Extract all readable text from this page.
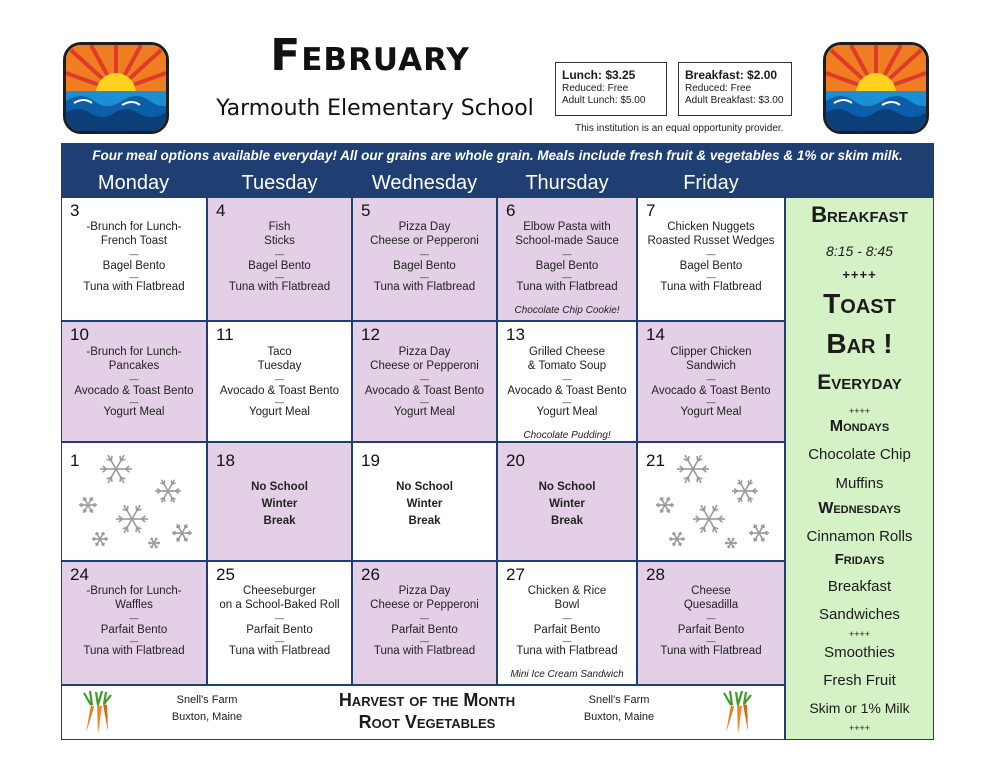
February
Yarmouth Elementary School
Lunch: $3.25
Reduced: Free
Adult Lunch: $5.00
Breakfast: $2.00
Reduced: Free
Adult Breakfast: $3.00
This institution is an equal opportunity provider.
Four meal options available everyday! All our grains are whole grain. Meals include fresh fruit & vegetables & 1% or skim milk.
Monday	Tuesday	Wednesday	Thursday	Friday
3
-Brunch for Lunch-
French Toast
—
Bagel Bento
—
Tuna with Flatbread
4
Fish
Sticks
—
Bagel Bento
—
Tuna with Flatbread
5
Pizza Day
Cheese or Pepperoni
—
Bagel Bento
—
Tuna with Flatbread
6
Elbow Pasta with
School-made Sauce
—
Bagel Bento
—
Tuna with Flatbread
Chocolate Chip Cookie!
7
Chicken Nuggets
Roasted Russet Wedges
—
Bagel Bento
—
Tuna with Flatbread
10
-Brunch for Lunch-
Pancakes
—
Avocado & Toast Bento
—
Yogurt Meal
11
Taco
Tuesday
—
Avocado & Toast Bento
—
Yogurt Meal
12
Pizza Day
Cheese or Pepperoni
—
Avocado & Toast Bento
—
Yogurt Meal
13
Grilled Cheese
& Tomato Soup
—
Avocado & Toast Bento
—
Yogurt Meal
Chocolate Pudding!
14
Clipper Chicken
Sandwich
—
Avocado & Toast Bento
—
Yogurt Meal
1	18
No School
Winter
Break
19
No School
Winter
Break
20
No School
Winter
Break
21
24
-Brunch for Lunch-
Waffles
—
Parfait Bento
—
Tuna with Flatbread
25
Cheeseburger
on a School-Baked Roll
—
Parfait Bento
—
Tuna with Flatbread
26
Pizza Day
Cheese or Pepperoni
—
Parfait Bento
—
Tuna with Flatbread
27
Chicken & Rice
Bowl
—
Parfait Bento
—
Tuna with Flatbread
Mini Ice Cream Sandwich
28
Cheese
Quesadilla
—
Parfait Bento
—
Tuna with Flatbread
Breakfast
8:15 - 8:45
++++
Toast
Bar !
Everyday
++++
Mondays
Chocolate Chip
Muffins
Wednesdays
Cinnamon Rolls
Fridays
Breakfast
Sandwiches
++++
Smoothies
Fresh Fruit
Skim or 1% Milk
++++
Snell's Farm
Buxton, Maine
Harvest of the Month
Root Vegetables
Snell's Farm
Buxton, Maine
